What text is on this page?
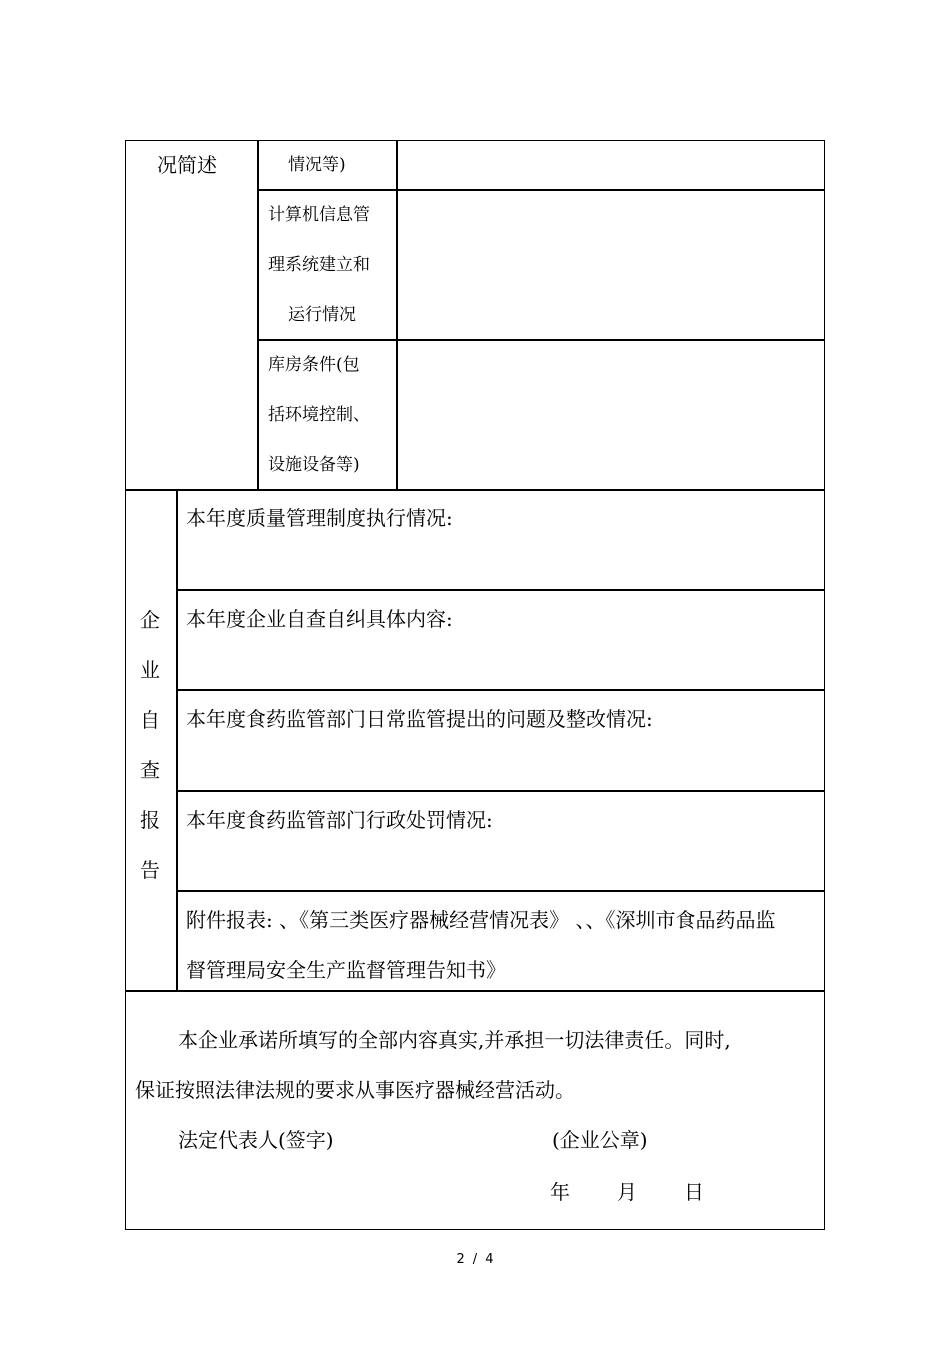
况简述	情况等)
计算机信息管
理系统建立和
运行情况
库房条件(包
括环境控制、
设施设备等)
企
业
自
查
报
告
本年度质量管理制度执行情况:
本年度企业自查自纠具体内容:
本年度食药监管部门日常监管提出的问题及整改情况:
本年度食药监管部门行政处罚情况:
附件报表: 、《第三类医疗器械经营情况表》 、、《深圳市食品药品监
督管理局安全生产监督管理告知书》
本企业承诺所填写的全部内容真实,并承担一切法律责任。同时,
保证按照法律法规的要求从事医疗器械经营活动。
法定代表人(签字)	(企业公章)
年 月 日
2 / 4
